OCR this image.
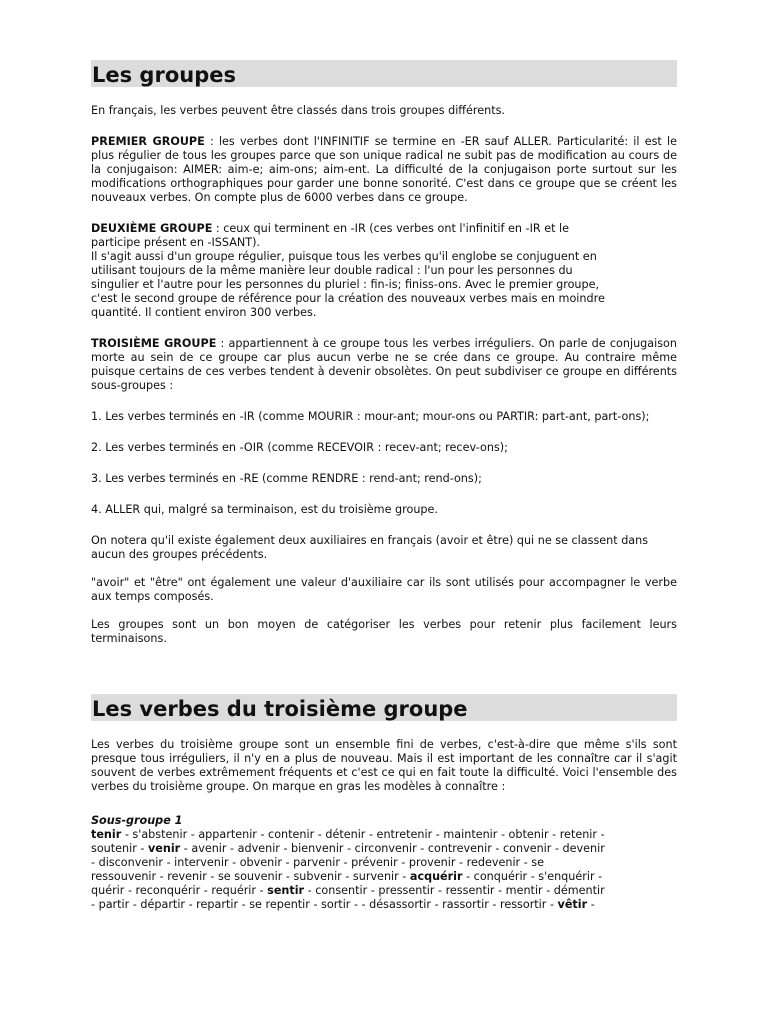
Les groupes

En français, les verbes peuvent être classés dans trois groupes différents.

PREMIER GROUPE : les verbes dont l'INFINITIF se termine en -ER sauf ALLER. Particularité: il est le plus régulier de tous les groupes parce que son unique radical ne subit pas de modification au cours de la conjugaison: AIMER: aim-e; aim-ons; aim-ent. La difficulté de la conjugaison porte surtout sur les modifications orthographiques pour garder une bonne sonorité. C'est dans ce groupe que se créent les nouveaux verbes. On compte plus de 6000 verbes dans ce groupe.

DEUXIÈME GROUPE : ceux qui terminent en -IR (ces verbes ont l'infinitif en -IR et le
participe présent en -ISSANT).
Il s'agit aussi d'un groupe régulier, puisque tous les verbes qu'il englobe se conjuguent en
utilisant toujours de la même manière leur double radical : l'un pour les personnes du
singulier et l'autre pour les personnes du pluriel : fin-is; finiss-ons. Avec le premier groupe,
c'est le second groupe de référence pour la création des nouveaux verbes mais en moindre
quantité. Il contient environ 300 verbes.

TROISIÈME GROUPE : appartiennent à ce groupe tous les verbes irréguliers. On parle de conjugaison morte au sein de ce groupe car plus aucun verbe ne se crée dans ce groupe. Au contraire même puisque certains de ces verbes tendent à devenir obsolètes. On peut subdiviser ce groupe en différents sous-groupes :

1. Les verbes terminés en -IR (comme MOURIR : mour-ant; mour-ons ou PARTIR: part-ant, part-ons);

2. Les verbes terminés en -OIR (comme RECEVOIR : recev-ant; recev-ons);

3. Les verbes terminés en -RE (comme RENDRE : rend-ant; rend-ons);

4. ALLER qui, malgré sa terminaison, est du troisième groupe.

On notera qu'il existe également deux auxiliaires en français (avoir et être) qui ne se classent dans aucun des groupes précédents.

"avoir" et "être" ont également une valeur d'auxiliaire car ils sont utilisés pour accompagner le verbe aux temps composés.

Les groupes sont un bon moyen de catégoriser les verbes pour retenir plus facilement leurs terminaisons.

Les verbes du troisième groupe

Les verbes du troisième groupe sont un ensemble fini de verbes, c'est-à-dire que même s'ils sont presque tous irréguliers, il n'y en a plus de nouveau. Mais il est important de les connaître car il s'agit souvent de verbes extrêmement fréquents et c'est ce qui en fait toute la difficulté. Voici l'ensemble des verbes du troisième groupe. On marque en gras les modèles à connaître :

Sous-groupe 1

tenir - s'abstenir - appartenir - contenir - détenir - entretenir - maintenir - obtenir - retenir -
soutenir - venir - avenir - advenir - bienvenir - circonvenir - contrevenir - convenir - devenir
- disconvenir - intervenir - obvenir - parvenir - prévenir - provenir - redevenir - se
ressouvenir - revenir - se souvenir - subvenir - survenir - acquérir - conquérir - s'enquérir -
quérir - reconquérir - requérir - sentir - consentir - pressentir - ressentir - mentir - démentir
- partir - départir - repartir - se repentir - sortir - - désassortir - rassortir - ressortir - vêtir -
